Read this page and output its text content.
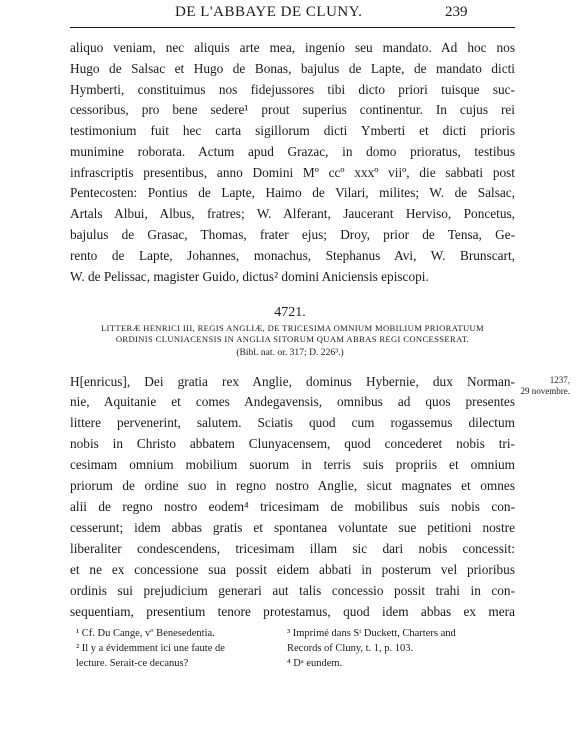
DE L'ABBAYE DE CLUNY.	239
aliquo veniam, nec aliquis arte mea, ingenio seu mandato. Ad hoc nos
Hugo de Salsac et Hugo de Bonas, bajulus de Lapte, de mandato dicti
Hymberti, constituimus nos fidejussores tibi dicto priori tuisque suc-
cessoribus, pro bene sedere¹ prout superius continentur. In cujus rei
testimonium fuit hec carta sigillorum dicti Ymberti et dicti prioris
munimine roborata. Actum apud Grazac, in domo prioratus, testibus
infrascriptis presentibus, anno Domini Mº ccº xxxº viiº, die sabbati post
Pentecosten: Pontius de Lapte, Haimo de Vilari, milites; W. de Salsac,
Artals Albui, Albus, fratres; W. Alferant, Jaucerant Herviso, Poncetus,
bajulus de Grasac, Thomas, frater ejus; Droy, prior de Tensa, Ge-
rento de Lapte, Johannes, monachus, Stephanus Avi, W. Brunscart,
W. de Pelissac, magister Guido, dictus² domini Aniciensis episcopi.
4721.
LITTERÆ HENRICI III, REGIS ANGLIÆ, DE TRICESIMA OMNIUM MOBILIUM PRIORATUUM
ORDINIS CLUNIACENSIS IN ANGLIA SITORUM QUAM ABBAS REGI CONCESSERAT.
(Bibl. nat. or. 317; D. 226³.)
1237,
29 novembre.
H[enricus], Dei gratia rex Anglie, dominus Hybernie, dux Norman-
nie, Aquitanie et comes Andegavensis, omnibus ad quos presentes
littere pervenerint, salutem. Sciatis quod cum rogassemus dilectum
nobis in Christo abbatem Clunyacensem, quod concederet nobis tri-
cesimam omnium mobilium suorum in terris suis propriis et omnium
priorum de ordine suo in regno nostro Anglie, sicut magnates et omnes
alii de regno nostro eodem⁴ tricesimam de mobilibus suis nobis con-
cesserunt; idem abbas gratis et spontanea voluntate sue petitioni nostre
liberaliter condescendens, tricesimam illam sic dari nobis concessit:
et ne ex concessione sua possit eidem abbati in posterum vel prioribus
ordinis sui prejudicium generari aut talis concessio possit trahi in con-
sequentiam, presentium tenore protestamus, quod idem abbas ex mera
¹ Cf. Du Cange, vº Benesedentia.
² Il y a évidemment ici une faute de
lecture. Serait-ce decanus?
³ Imprimé dans Sᵗ Duckett, Charters and
Records of Cluny, t. 1, p. 103.
⁴ Dᵃ eundem.
